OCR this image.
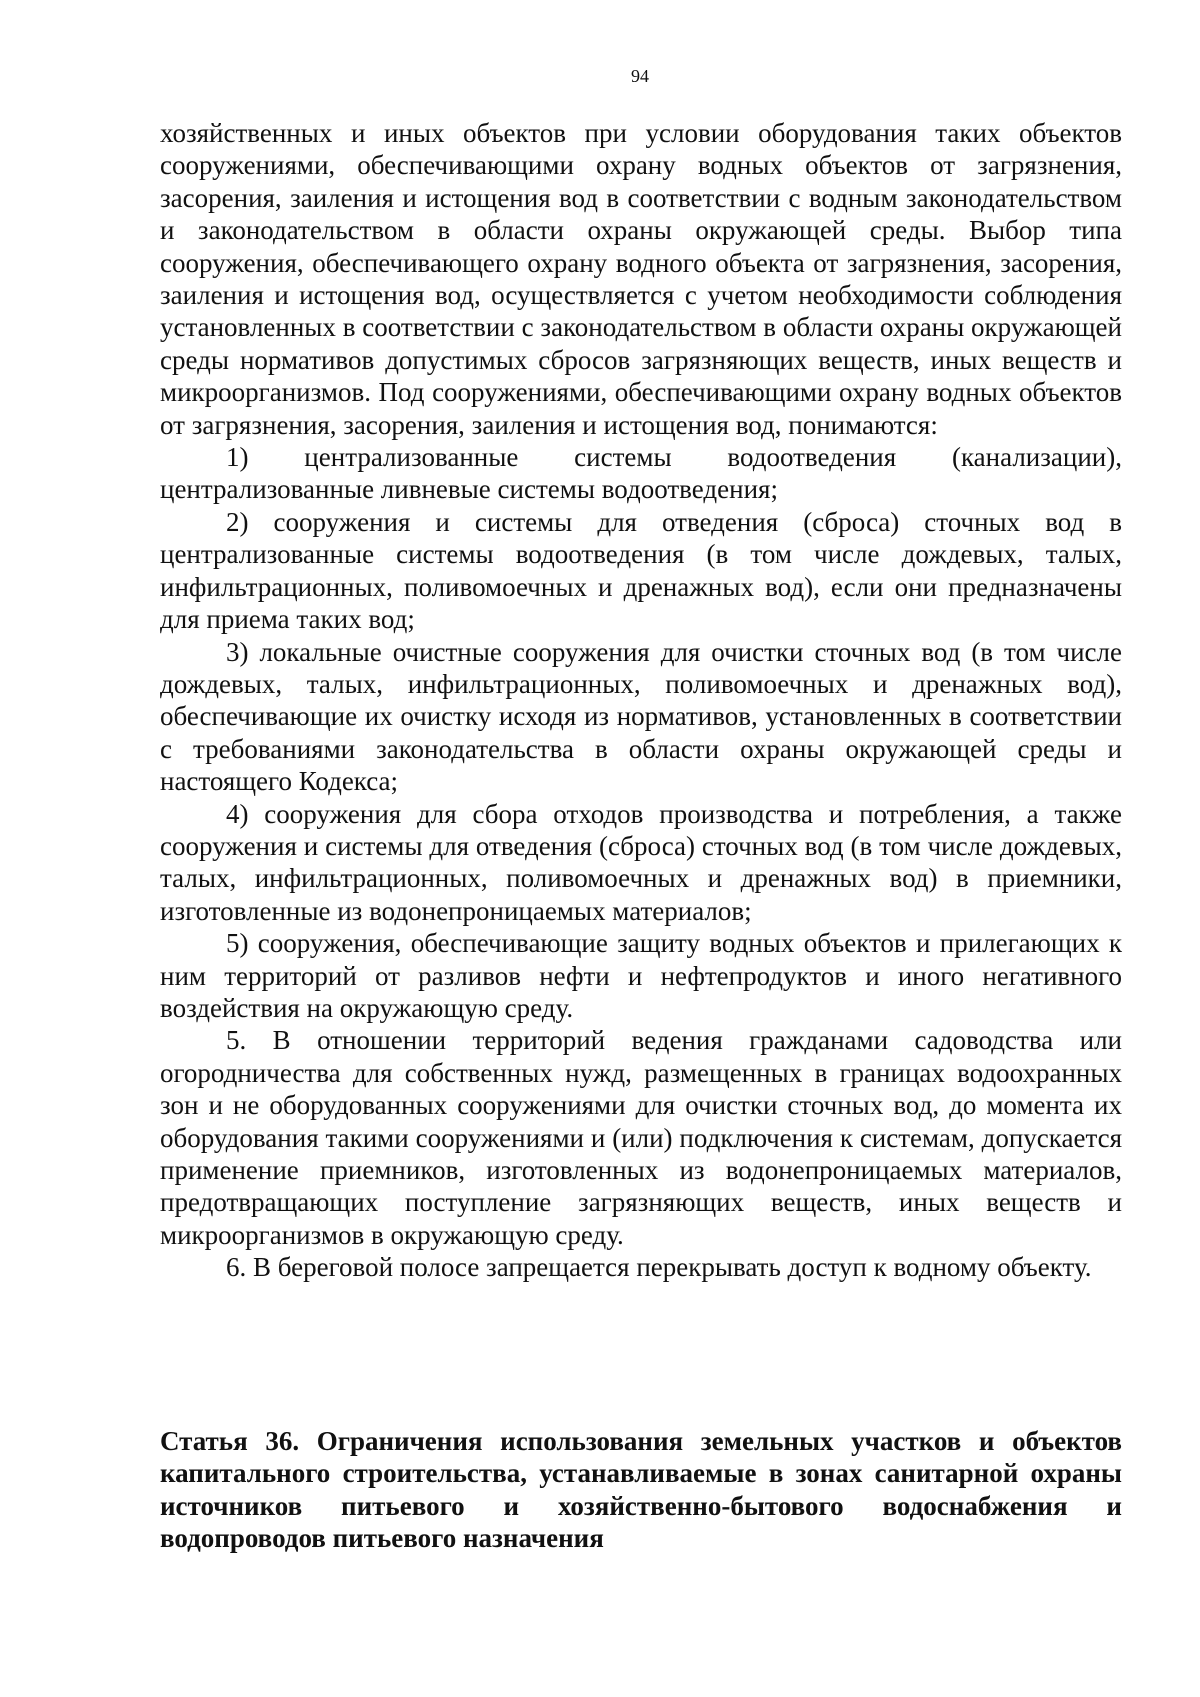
94

хозяйственных и иных объектов при условии оборудования таких объектов сооружениями, обеспечивающими охрану водных объектов от загрязнения, засорения, заиления и истощения вод в соответствии с водным законодательством и законодательством в области охраны окружающей среды. Выбор типа сооружения, обеспечивающего охрану водного объекта от загрязнения, засорения, заиления и истощения вод, осуществляется с учетом необходимости соблюдения установленных в соответствии с законодательством в области охраны окружающей среды нормативов допустимых сбросов загрязняющих веществ, иных веществ и микроорганизмов. Под сооружениями, обеспечивающими охрану водных объектов от загрязнения, засорения, заиления и истощения вод, понимаются:

1) централизованные системы водоотведения (канализации), централизованные ливневые системы водоотведения;

2) сооружения и системы для отведения (сброса) сточных вод в централизованные системы водоотведения (в том числе дождевых, талых, инфильтрационных, поливомоечных и дренажных вод), если они предназначены для приема таких вод;

3) локальные очистные сооружения для очистки сточных вод (в том числе дождевых, талых, инфильтрационных, поливомоечных и дренажных вод), обеспечивающие их очистку исходя из нормативов, установленных в соответствии с требованиями законодательства в области охраны окружающей среды и настоящего Кодекса;

4) сооружения для сбора отходов производства и потребления, а также сооружения и системы для отведения (сброса) сточных вод (в том числе дождевых, талых, инфильтрационных, поливомоечных и дренажных вод) в приемники, изготовленные из водонепроницаемых материалов;

5) сооружения, обеспечивающие защиту водных объектов и прилегающих к ним территорий от разливов нефти и нефтепродуктов и иного негативного воздействия на окружающую среду.

5. В отношении территорий ведения гражданами садоводства или огородничества для собственных нужд, размещенных в границах водоохранных зон и не оборудованных сооружениями для очистки сточных вод, до момента их оборудования такими сооружениями и (или) подключения к системам, допускается применение приемников, изготовленных из водонепроницаемых материалов, предотвращающих поступление загрязняющих веществ, иных веществ и микроорганизмов в окружающую среду.

6. В береговой полосе запрещается перекрывать доступ к водному объекту.

Статья 36. Ограничения использования земельных участков и объектов капитального строительства, устанавливаемые в зонах санитарной охраны источников питьевого и хозяйственно-бытового водоснабжения и водопроводов питьевого назначения
